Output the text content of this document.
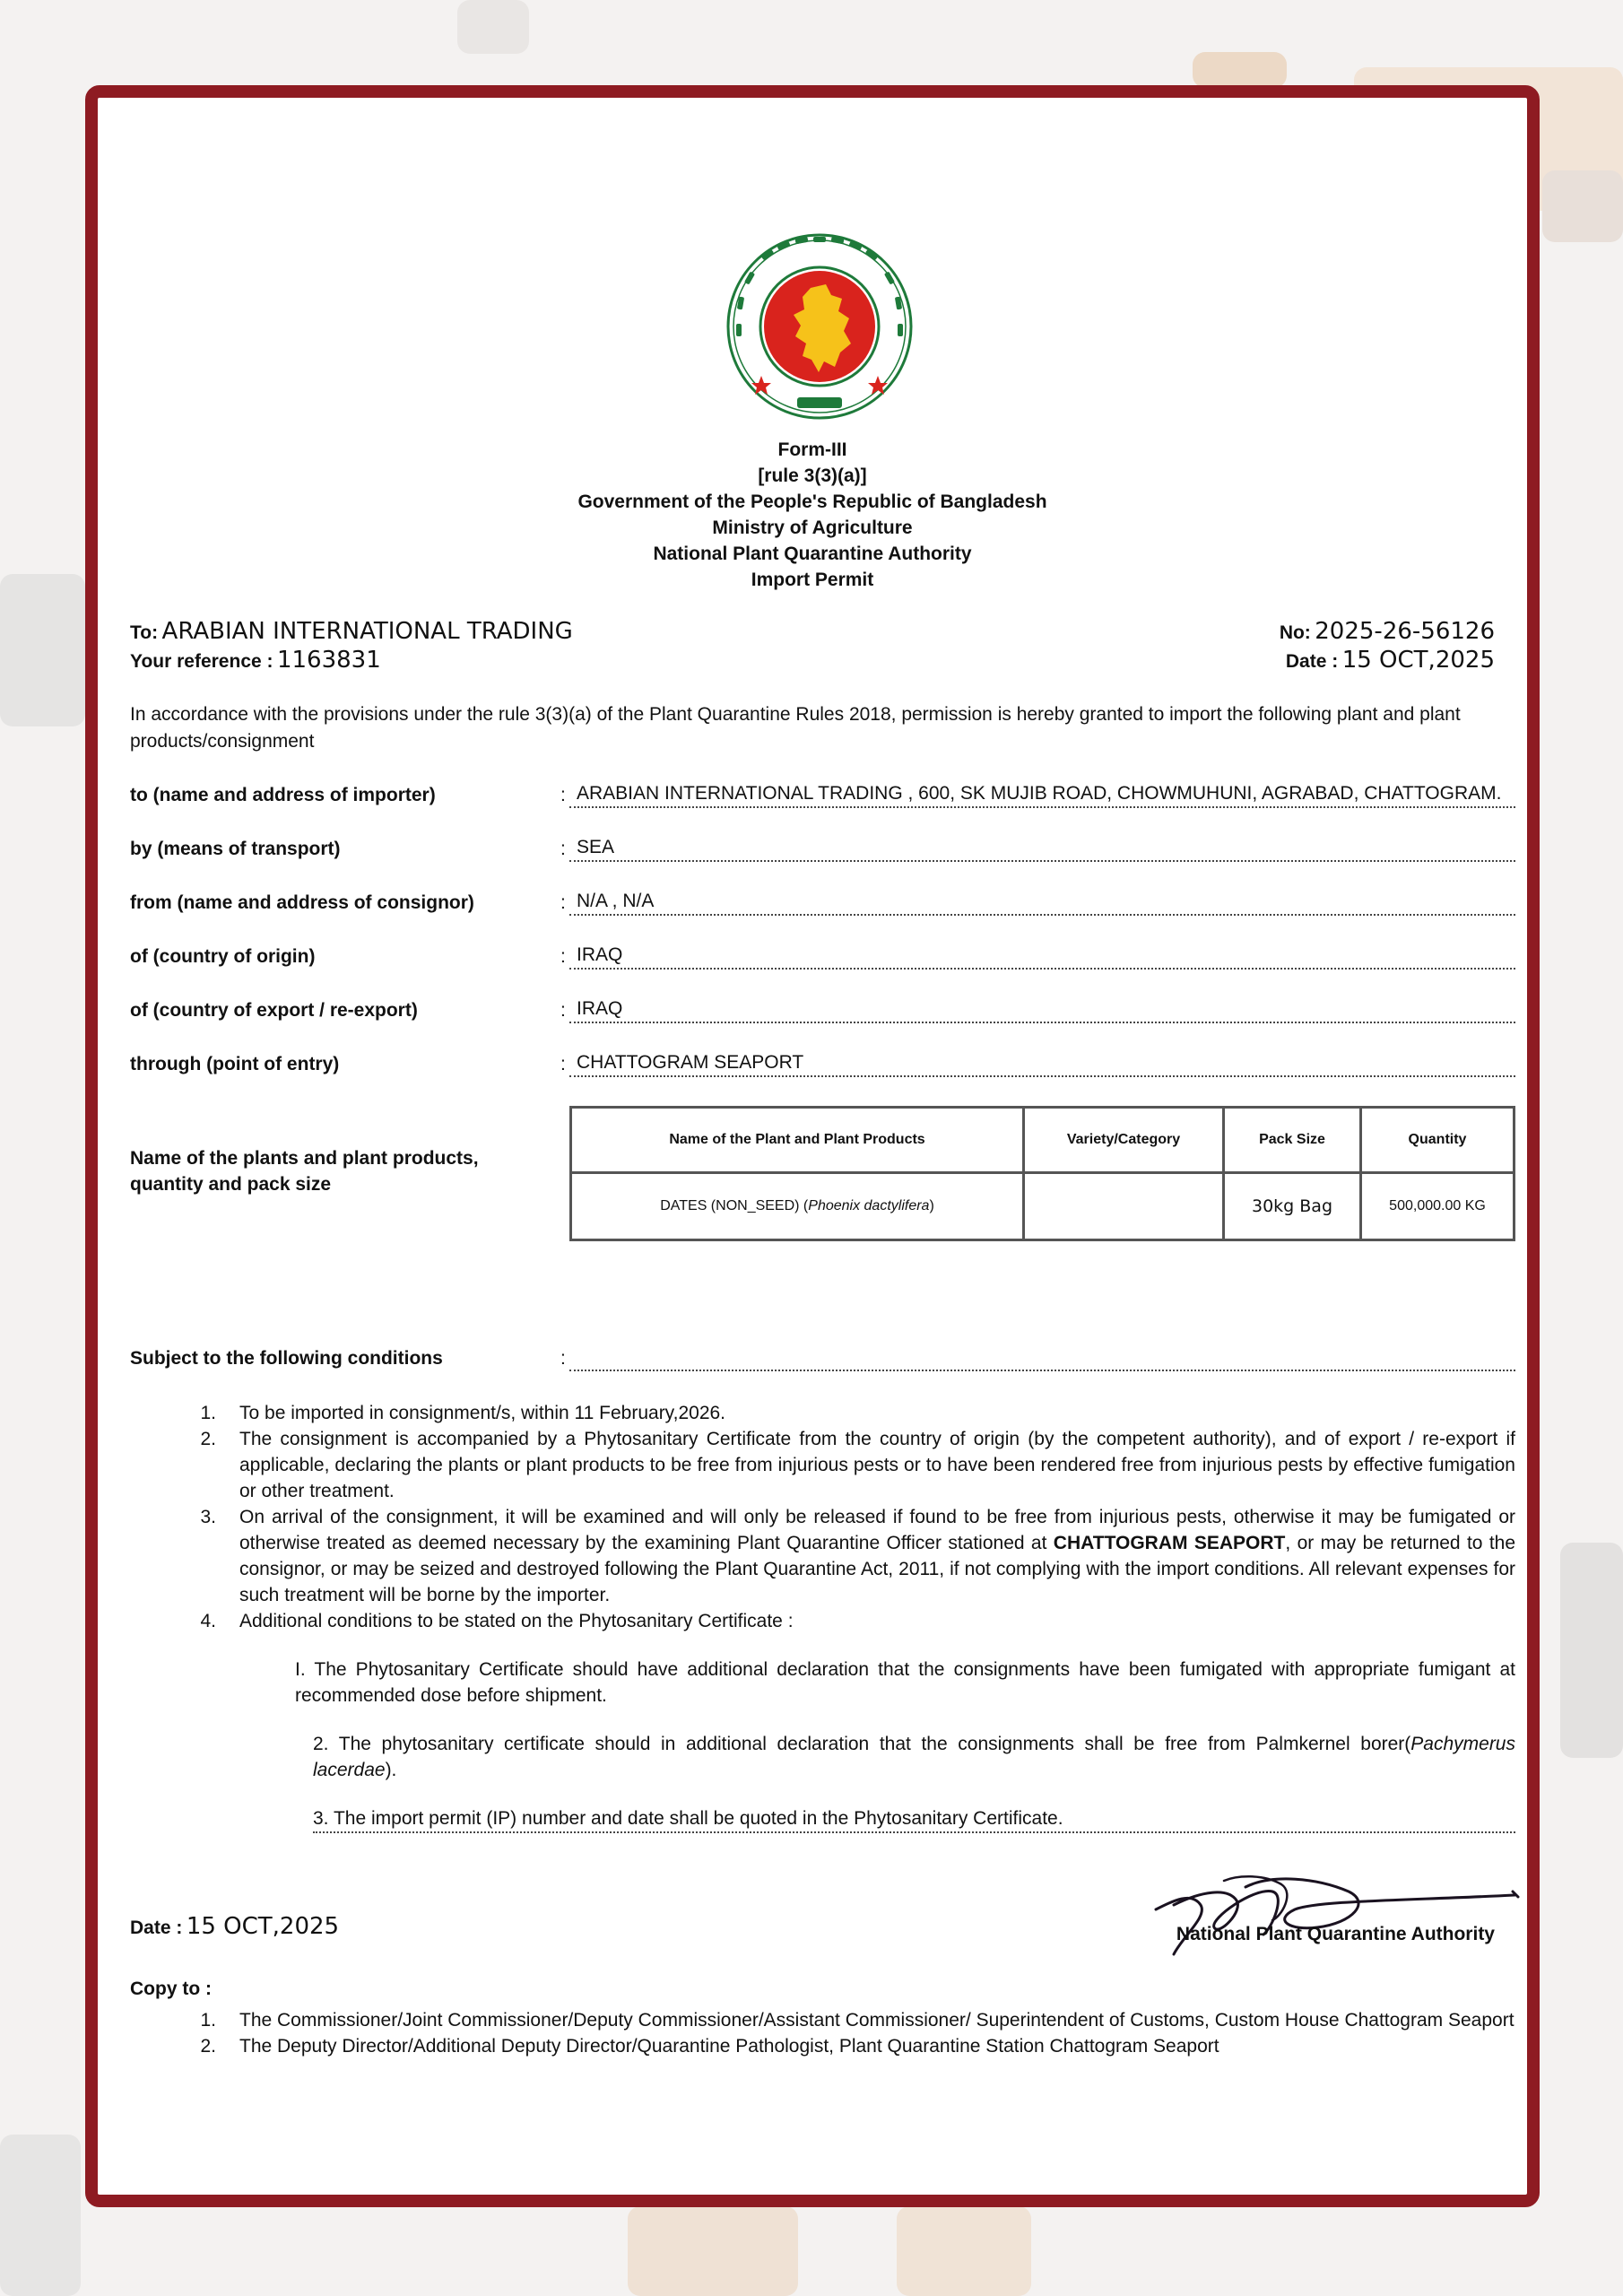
Form-III
[rule 3(3)(a)]
Government of the People's Republic of Bangladesh
Ministry of Agriculture
National Plant Quarantine Authority
Import Permit
To: ARABIAN INTERNATIONAL TRADING
Your reference : 1163831
No: 2025-26-56126
Date : 15 OCT,2025
In accordance with the provisions under the rule 3(3)(a) of the Plant Quarantine Rules 2018, permission is hereby granted to import the following plant and plant products/consignment
to (name and address of importer)	: ARABIAN INTERNATIONAL TRADING , 600, SK MUJIB ROAD, CHOWMUHUNI, AGRABAD, CHATTOGRAM.
by (means of transport)	: SEA
from (name and address of consignor)	: N/A , N/A
of (country of origin)	: IRAQ
of (country of export / re-export)	: IRAQ
through (point of entry)	: CHATTOGRAM SEAPORT
Name of the plants and plant products,
quantity and pack size
Name of the Plant and Plant Products	Variety/Category	Pack Size	Quantity
DATES (NON_SEED) (Phoenix dactylifera)		30kg Bag	500,000.00 KG
Subject to the following conditions	:
1.	To be imported in consignment/s, within 11 February,2026.
2.	The consignment is accompanied by a Phytosanitary Certificate from the country of origin (by the competent authority), and of export / re-export if applicable, declaring the plants or plant products to be free from injurious pests or to have been rendered free from injurious pests by effective fumigation or other treatment.
3.	On arrival of the consignment, it will be examined and will only be released if found to be free from injurious pests, otherwise it may be fumigated or otherwise treated as deemed necessary by the examining Plant Quarantine Officer stationed at CHATTOGRAM SEAPORT, or may be returned to the consignor, or may be seized and destroyed following the Plant Quarantine Act, 2011, if not complying with the import conditions. All relevant expenses for such treatment will be borne by the importer.
4.	Additional conditions to be stated on the Phytosanitary Certificate :
I. The Phytosanitary Certificate should have additional declaration that the consignments have been fumigated with appropriate fumigant at recommended dose before shipment.
2. The phytosanitary certificate should in additional declaration that the consignments shall be free from Palmkernel borer(Pachymerus lacerdae).
3. The import permit (IP) number and date shall be quoted in the Phytosanitary Certificate.
Date : 15 OCT,2025	National Plant Quarantine Authority
Copy to :
1.	The Commissioner/Joint Commissioner/Deputy Commissioner/Assistant Commissioner/ Superintendent of Customs, Custom House Chattogram Seaport
2.	The Deputy Director/Additional Deputy Director/Quarantine Pathologist, Plant Quarantine Station Chattogram Seaport
